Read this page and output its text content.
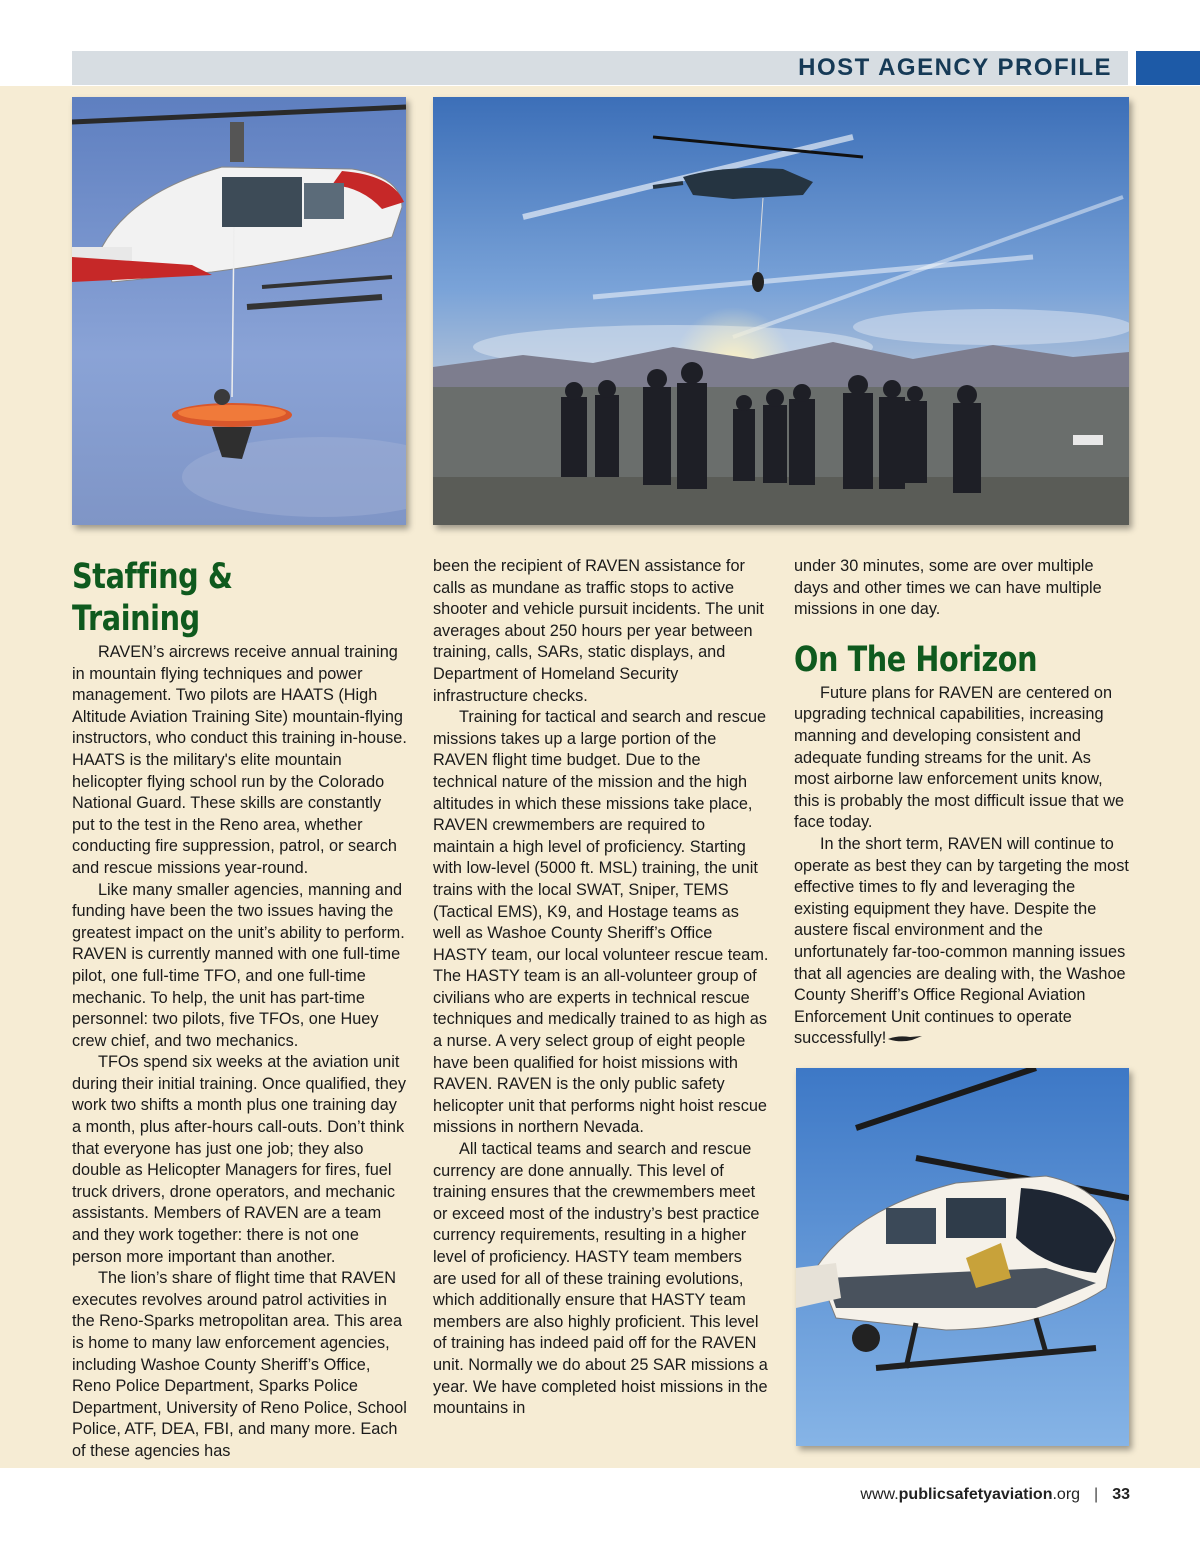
HOST AGENCY PROFILE
Staffing & Training

RAVEN’s aircrews receive annual training in mountain flying techniques and power management. Two pilots are HAATS (High Altitude Aviation Training Site) mountain-flying instructors, who conduct this training in-house. HAATS is the military's elite mountain helicopter flying school run by the Colorado National Guard. These skills are constantly put to the test in the Reno area, whether conducting fire suppression, patrol, or search and rescue missions year-round.

Like many smaller agencies, manning and funding have been the two issues having the greatest impact on the unit’s ability to perform. RAVEN is currently manned with one full-time pilot, one full-time TFO, and one full-time mechanic. To help, the unit has part-time personnel: two pilots, five TFOs, one Huey crew chief, and two mechanics.

TFOs spend six weeks at the aviation unit during their initial training. Once qualified, they work two shifts a month plus one training day a month, plus after-hours call-outs. Don’t think that everyone has just one job; they also double as Helicopter Managers for fires, fuel truck drivers, drone operators, and mechanic assistants. Members of RAVEN are a team and they work together: there is not one person more important than another.

The lion’s share of flight time that RAVEN executes revolves around patrol activities in the Reno-Sparks metropolitan area. This area is home to many law enforcement agencies, including Washoe County Sheriff’s Office, Reno Police Department, Sparks Police Department, University of Reno Police, School Police, ATF, DEA, FBI, and many more. Each of these agencies has

been the recipient of RAVEN assistance for calls as mundane as traffic stops to active shooter and vehicle pursuit incidents. The unit averages about 250 hours per year between training, calls, SARs, static displays, and Department of Homeland Security infrastructure checks.

Training for tactical and search and rescue missions takes up a large portion of the RAVEN flight time budget. Due to the technical nature of the mission and the high altitudes in which these missions take place, RAVEN crewmembers are required to maintain a high level of proficiency. Starting with low-level (5000 ft. MSL) training, the unit trains with the local SWAT, Sniper, TEMS (Tactical EMS), K9, and Hostage teams as well as Washoe County Sheriff’s Office HASTY team, our local volunteer rescue team. The HASTY team is an all-volunteer group of civilians who are experts in technical rescue techniques and medically trained to as high as a nurse. A very select group of eight people have been qualified for hoist missions with RAVEN. RAVEN is the only public safety helicopter unit that performs night hoist rescue missions in northern Nevada.

All tactical teams and search and rescue currency are done annually. This level of training ensures that the crewmembers meet or exceed most of the industry’s best practice currency requirements, resulting in a higher level of proficiency. HASTY team members are used for all of these training evolutions, which additionally ensure that HASTY team members are also highly proficient. This level of training has indeed paid off for the RAVEN unit. Normally we do about 25 SAR missions a year. We have completed hoist missions in the mountains in

under 30 minutes, some are over multiple days and other times we can have multiple missions in one day.

On The Horizon

Future plans for RAVEN are centered on upgrading technical capabilities, increasing manning and developing consistent and adequate funding streams for the unit. As most airborne law enforcement units know, this is probably the most difficult issue that we face today.

In the short term, RAVEN will continue to operate as best they can by targeting the most effective times to fly and leveraging the existing equipment they have. Despite the austere fiscal environment and the unfortunately far-too-common manning issues that all agencies are dealing with, the Washoe County Sheriff’s Office Regional Aviation Enforcement Unit continues to operate successfully!

www.publicsafetyaviation.org | 33
